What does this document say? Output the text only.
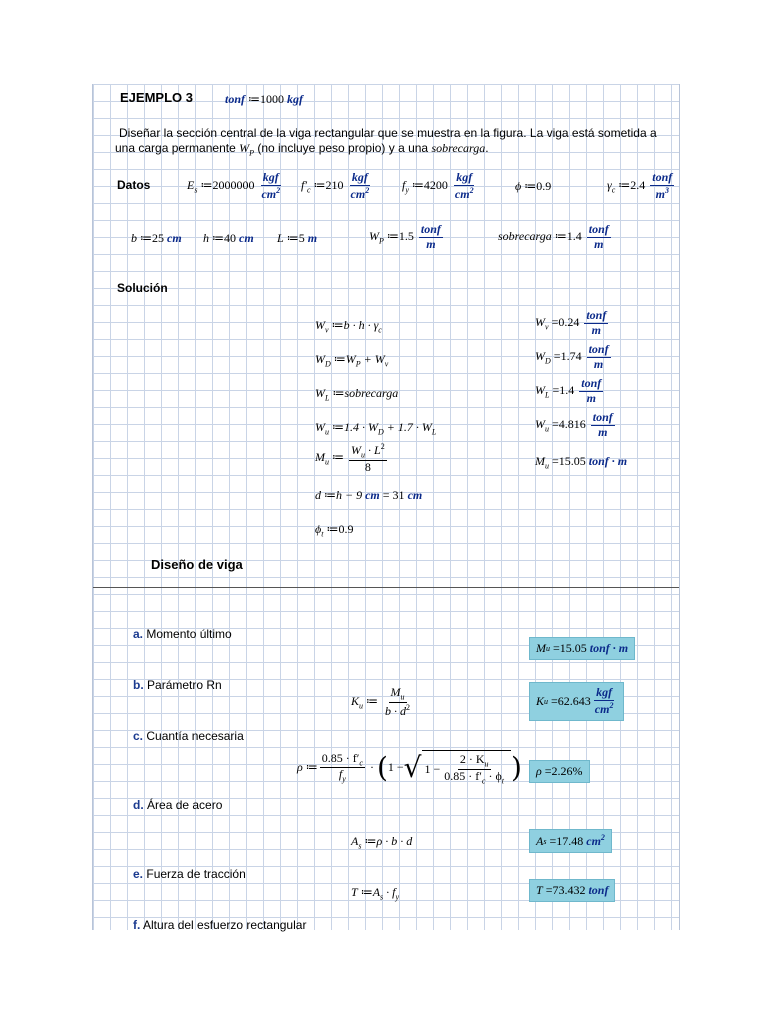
EJEMPLO 3	tonf ≔1000 kgf
Diseñar la sección central de la viga rectangular que se muestra en la figura. La viga está sometida a
una carga permanente $W_P$ (no incluye peso propio) y a una sobrecarga.
Datos	$E_s$ ≔2000000 $\frac{\text{kgf}}{cm^2} f'_c$ ≔210 $\frac{\text{kgf}}{cm^2}$	$f_y$ ≔4200 $\frac{\text{kgf}}{cm^2}$	ϕ ≔0.9	$\gamma_c$ ≔2.4 $\frac{\text{tonf}}{m^3}$
b ≔25 cm h ≔40 cm L ≔5 m	$W_P$ ≔1.5 $\frac{\text{tonf}}{m}$	sobrecarga ≔1.4 $\frac{\text{tonf}}{m}$
Solución
$W_v$ ≔b · $h \cdot \gamma_c$
$W_D$ $≔W_P + W_v$
$W_L$ ≔sobrecarga
$W_u$ ≔1.4 · $W_D + 1.7 \cdot W_L$
$M_u$ ≔ $\frac{W_u \cdot L^2}{8}$
d ≔h − 9 cm = 31 cm
$\phi_t$ ≔0.9
$W_v =0.24 \frac{\text{tonf}}{m}$
$W_D =1.74 \frac{\text{tonf}}{m}$
$W_L =1.4 \frac{\text{tonf}}{m}$
$W_u =4.816 \frac{\text{tonf}}{m}$
$M_u =15.05$ tonf · m
Diseño de viga
a. Momento último
M u = 15.05
tonf · m
b. Parámetro Rn
$K_u$ ≔ $\frac{M_u}{b \cdot d^2}$	K $u = 62.643 \frac{\text{kgf}}{cm^2}$
c. Cuantía necesaria
ρ ≔ $\frac{0.85 \cdot f'_c}{f_y}$ · ( 1 − √ $1 - \frac{2 \cdot K_u}{0.85 \cdot f'_c \cdot \phi_t}$ ) ρ = 2.26%
d. Área de acero
$A_s$ ≔ρ · b · d	A s = 17.48
$cm^2$
e. Fuerza de tracción
T $≔A_s \cdot f_y$	T = 73.432
tonf
f. Altura del esfuerzo rectangular
